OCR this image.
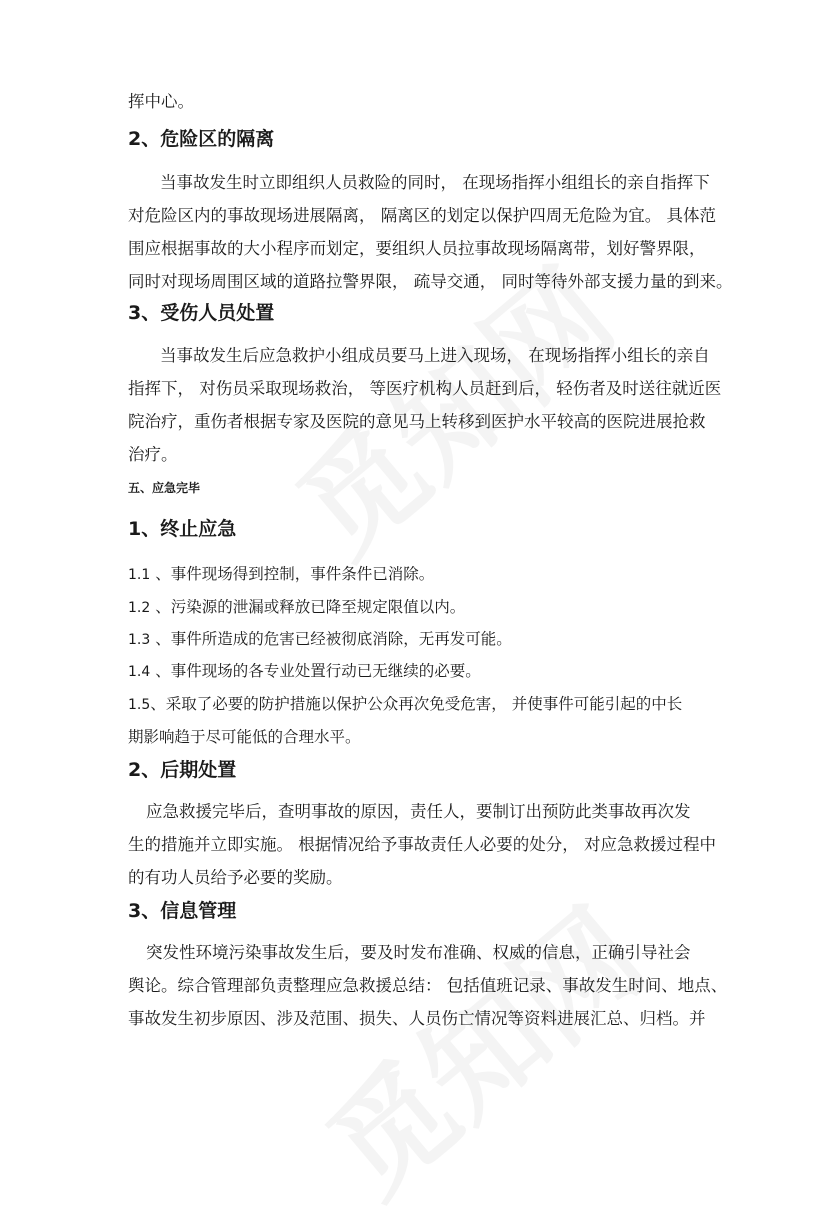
挥中心。
2、危险区的隔离
当事故发生时立即组织人员救险的同时， 在现场指挥小组组长的亲自指挥下
对危险区内的事故现场进展隔离， 隔离区的划定以保护四周无危险为宜。 具体范
围应根据事故的大小程序而划定，要组织人员拉事故现场隔离带，划好警界限，
同时对现场周围区域的道路拉警界限， 疏导交通， 同时等待外部支援力量的到来。
3、受伤人员处置
当事故发生后应急救护小组成员要马上进入现场， 在现场指挥小组长的亲自
指挥下， 对伤员采取现场救治， 等医疗机构人员赶到后， 轻伤者及时送往就近医
院治疗，重伤者根据专家及医院的意见马上转移到医护水平较高的医院进展抢救
治疗。
五、应急完毕
1、终止应急
1.1 、事件现场得到控制，事件条件已消除。
1.2 、污染源的泄漏或释放已降至规定限值以内。
1.3 、事件所造成的危害已经被彻底消除，无再发可能。
1.4 、事件现场的各专业处置行动已无继续的必要。
1.5、采取了必要的防护措施以保护公众再次免受危害， 并使事件可能引起的中长
期影响趋于尽可能低的合理水平。
2、后期处置
应急救援完毕后，查明事故的原因，责任人，要制订出预防此类事故再次发
生的措施并立即实施。 根据情况给予事故责任人必要的处分， 对应急救援过程中
的有功人员给予必要的奖励。
3、信息管理
突发性环境污染事故发生后，要及时发布准确、权威的信息，正确引导社会
舆论。综合管理部负责整理应急救援总结： 包括值班记录、事故发生时间、地点、
事故发生初步原因、涉及范围、损失、人员伤亡情况等资料进展汇总、归档。并
